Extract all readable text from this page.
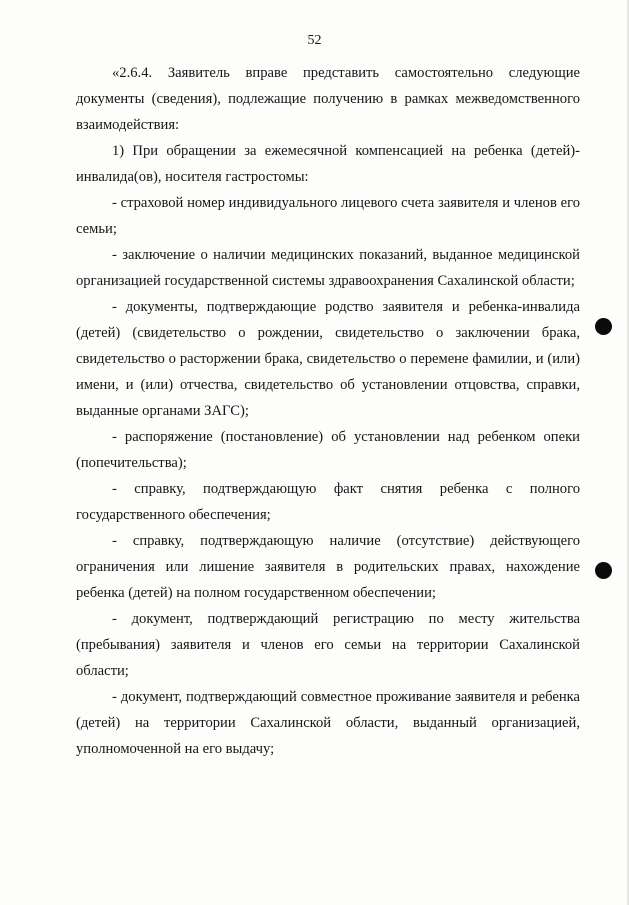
52

«2.6.4. Заявитель вправе представить самостоятельно следующие документы (сведения), подлежащие получению в рамках межведомственного взаимодействия:

1) При обращении за ежемесячной компенсацией на ребенка (детей)-инвалида(ов), носителя гастростомы:

- страховой номер индивидуального лицевого счета заявителя и членов его семьи;

- заключение о наличии медицинских показаний, выданное медицинской организацией государственной системы здравоохранения Сахалинской области;

- документы, подтверждающие родство заявителя и ребенка-инвалида (детей) (свидетельство о рождении, свидетельство о заключении брака, свидетельство о расторжении брака, свидетельство о перемене фамилии, и (или) имени, и (или) отчества, свидетельство об установлении отцовства, справки, выданные органами ЗАГС);

- распоряжение (постановление) об установлении над ребенком опеки (попечительства);

- справку, подтверждающую факт снятия ребенка с полного государственного обеспечения;

- справку, подтверждающую наличие (отсутствие) действующего ограничения или лишение заявителя в родительских правах, нахождение ребенка (детей) на полном государственном обеспечении;

- документ, подтверждающий регистрацию по месту жительства (пребывания) заявителя и членов его семьи на территории Сахалинской области;

- документ, подтверждающий совместное проживание заявителя и ребенка (детей) на территории Сахалинской области, выданный организацией, уполномоченной на его выдачу;
